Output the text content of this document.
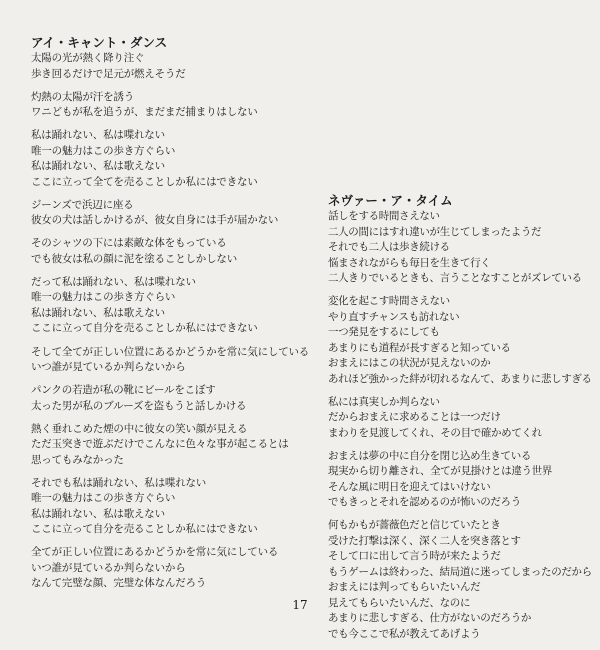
アイ・キャント・ダンス
太陽の光が熱く降り注ぐ
歩き回るだけで足元が燃えそうだ
灼熱の太陽が汗を誘う
ワニどもが私を追うが、まだまだ捕まりはしない
私は踊れない、私は喋れない
唯一の魅力はこの歩き方ぐらい
私は踊れない、私は歌えない
ここに立って全てを売ることしか私にはできない
ジーンズで浜辺に座る
彼女の犬は話しかけるが、彼女自身には手が届かない
そのシャツの下には素敵な体をもっている
でも彼女は私の顔に泥を塗ることしかしない
だって私は踊れない、私は喋れない
唯一の魅力はこの歩き方ぐらい
私は踊れない、私は歌えない
ここに立って自分を売ることしか私にはできない
そして全てが正しい位置にあるかどうかを常に気にしている
いつ誰が見ているか判らないから
パンクの若造が私の靴にビールをこぼす
太った男が私のブルーズを盗もうと話しかける
熱く垂れこめた煙の中に彼女の笑い顔が見える
ただ玉突きで遊ぶだけでこんなに色々な事が起こるとは
思ってもみなかった
それでも私は踊れない、私は喋れない
唯一の魅力はこの歩き方ぐらい
私は踊れない、私は歌えない
ここに立って自分を売ることしか私にはできない
全てが正しい位置にあるかどうかを常に気にしている
いつ誰が見ているか判らないから
なんて完璧な顔、完璧な体なんだろう
ネヴァー・ア・タイム
話しをする時間さえない
二人の間にはすれ違いが生じてしまったようだ
それでも二人は歩き続ける
悩まされながらも毎日を生きて行く
二人きりでいるときも、言うことなすことがズレている
変化を起こす時間さえない
やり直すチャンスも訪れない
一つ発見をするにしても
あまりにも道程が長すぎると知っている
おまえにはこの状況が見えないのか
あれほど強かった絆が切れるなんて、あまりに悲しすぎる
私には真実しか判らない
だからおまえに求めることは一つだけ
まわりを見渡してくれ、その目で確かめてくれ
おまえは夢の中に自分を閉じ込め生きている
現実から切り離され、全てが見掛けとは違う世界
そんな風に明日を迎えてはいけない
でもきっとそれを認めるのが怖いのだろう
何もかもが薔薇色だと信じていたとき
受けた打撃は深く、深く二人を突き落とす
そして口に出して言う時が来たようだ
もうゲームは終わった、結局道に迷ってしまったのだから
おまえには判ってもらいたいんだ
見えてもらいたいんだ、なのに
あまりに悲しすぎる、仕方がないのだろうか
でも今ここで私が教えてあげよう
17
